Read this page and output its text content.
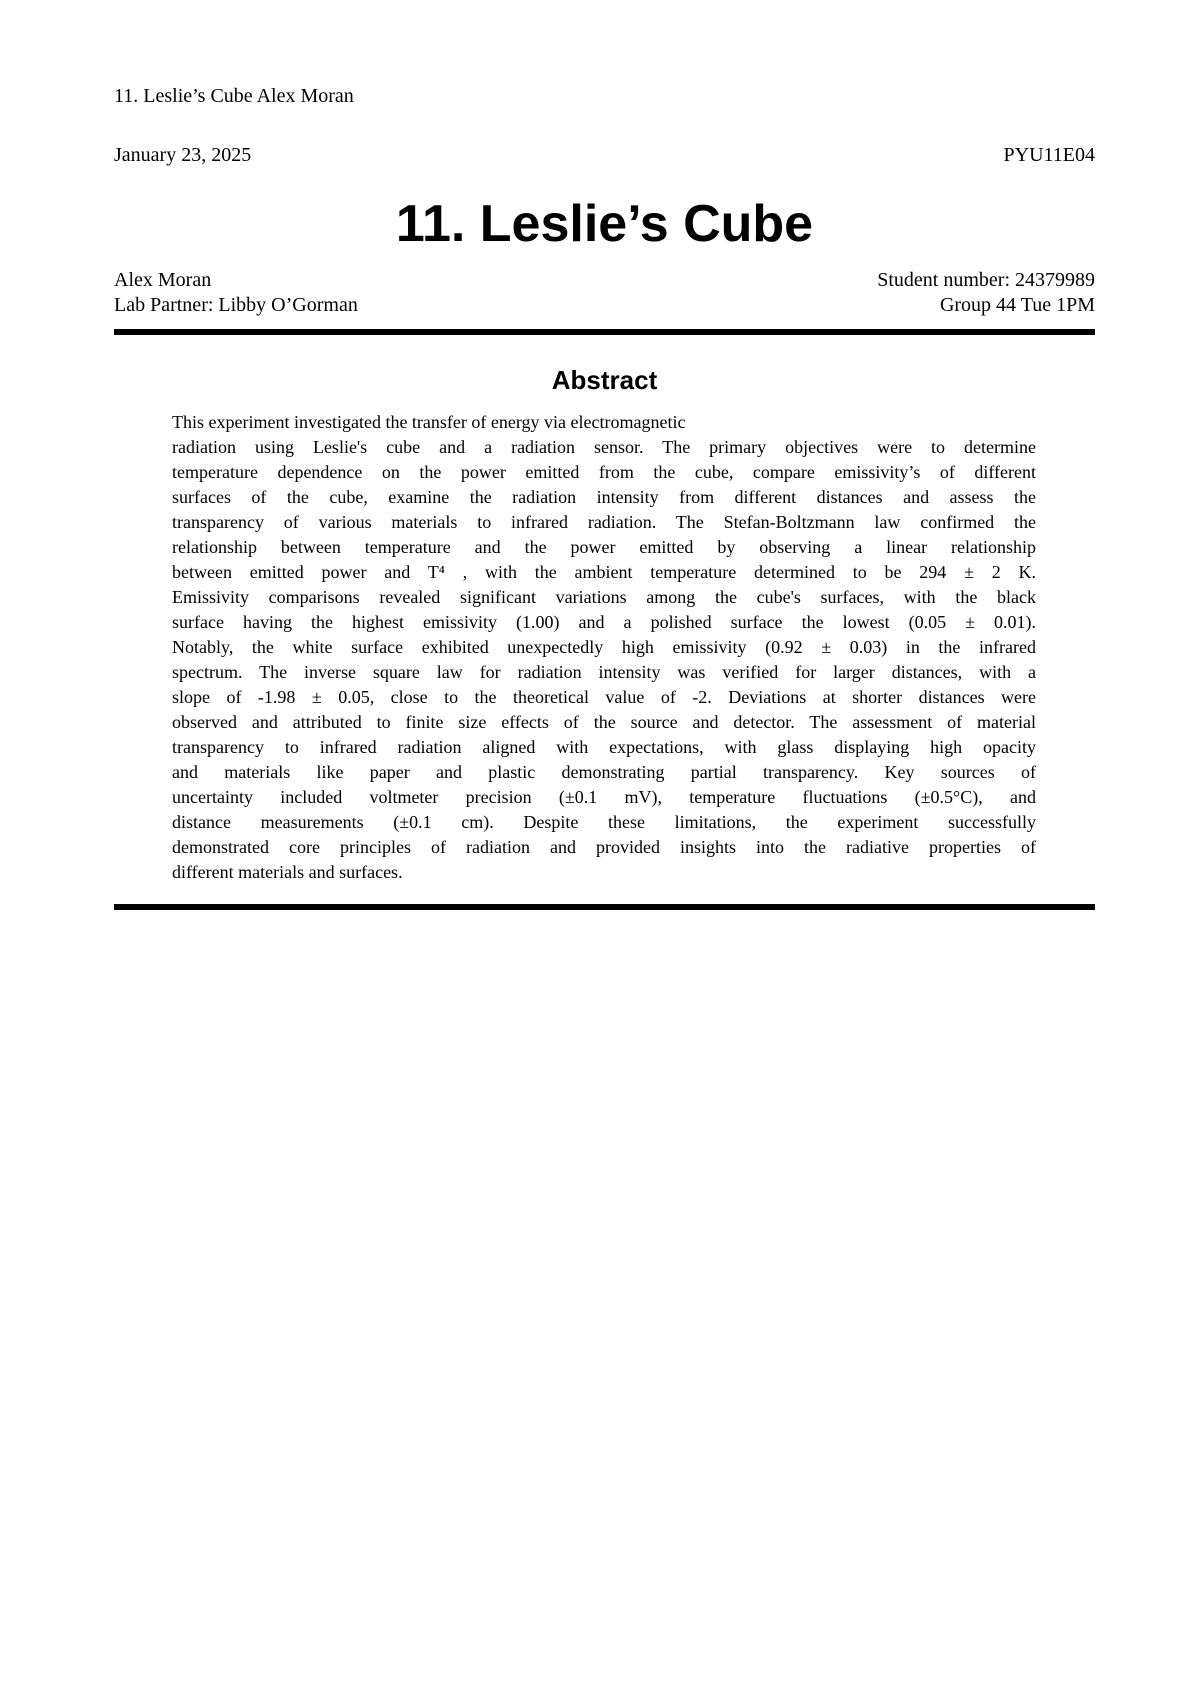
11. Leslie’s Cube Alex Moran
January 23, 2025	PYU11E04
11. Leslie’s Cube
Alex Moran	Student number: 24379989
Lab Partner: Libby O’Gorman	Group 44 Tue 1PM
Abstract
This experiment investigated the transfer of energy via electromagnetic
radiation using Leslie's cube and a radiation sensor. The primary objectives were to determine
temperature dependence on the power emitted from the cube, compare emissivity’s of different
surfaces of the cube, examine the radiation intensity from different distances and assess the
transparency of various materials to infrared radiation. The Stefan-Boltzmann law confirmed the
relationship between temperature and the power emitted by observing a linear relationship
between emitted power and T⁴ , with the ambient temperature determined to be 294 ± 2 K.
Emissivity comparisons revealed significant variations among the cube's surfaces, with the black
surface having the highest emissivity (1.00) and a polished surface the lowest (0.05 ± 0.01).
Notably, the white surface exhibited unexpectedly high emissivity (0.92 ± 0.03) in the infrared
spectrum. The inverse square law for radiation intensity was verified for larger distances, with a
slope of -1.98 ± 0.05, close to the theoretical value of -2. Deviations at shorter distances were
observed and attributed to finite size effects of the source and detector. The assessment of material
transparency to infrared radiation aligned with expectations, with glass displaying high opacity
and materials like paper and plastic demonstrating partial transparency. Key sources of
uncertainty included voltmeter precision (±0.1 mV), temperature fluctuations (±0.5°C), and
distance measurements (±0.1 cm). Despite these limitations, the experiment successfully
demonstrated core principles of radiation and provided insights into the radiative properties of
different materials and surfaces.
